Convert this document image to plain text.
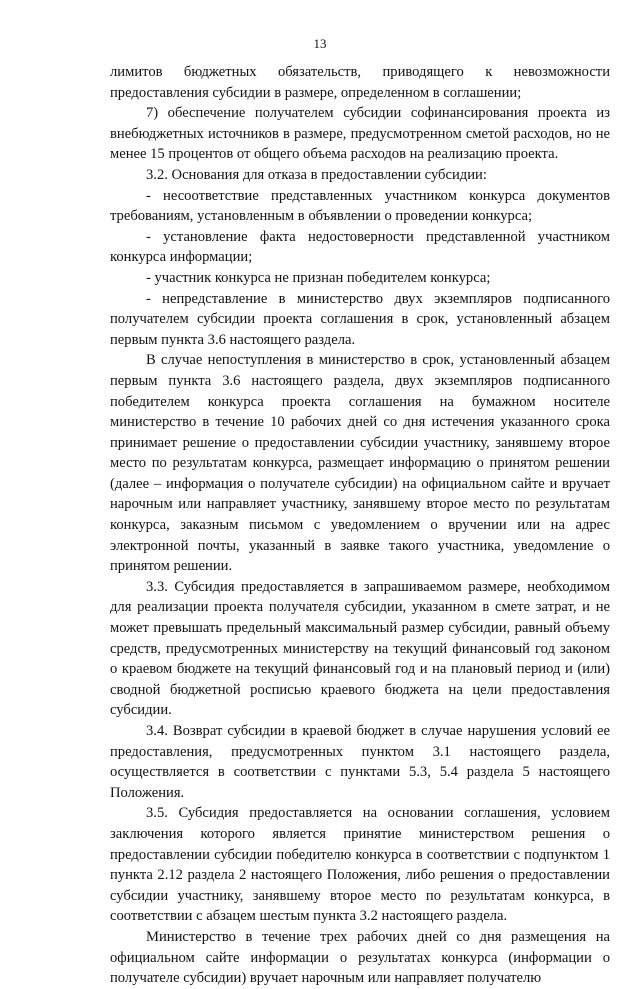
13

лимитов бюджетных обязательств, приводящего к невозможности предоставления субсидии в размере, определенном в соглашении;

7) обеспечение получателем субсидии софинансирования проекта из внебюджетных источников в размере, предусмотренном сметой расходов, но не менее 15 процентов от общего объема расходов на реализацию проекта.

3.2. Основания для отказа в предоставлении субсидии:

- несоответствие представленных участником конкурса документов требованиям, установленным в объявлении о проведении конкурса;

- установление факта недостоверности представленной участником конкурса информации;

- участник конкурса не признан победителем конкурса;

- непредставление в министерство двух экземпляров подписанного получателем субсидии проекта соглашения в срок, установленный абзацем первым пункта 3.6 настоящего раздела.

В случае непоступления в министерство в срок, установленный абзацем первым пункта 3.6 настоящего раздела, двух экземпляров подписанного победителем конкурса проекта соглашения на бумажном носителе министерство в течение 10 рабочих дней со дня истечения указанного срока принимает решение о предоставлении субсидии участнику, занявшему второе место по результатам конкурса, размещает информацию о принятом решении (далее – информация о получателе субсидии) на официальном сайте и вручает нарочным или направляет участнику, занявшему второе место по результатам конкурса, заказным письмом с уведомлением о вручении или на адрес электронной почты, указанный в заявке такого участника, уведомление о принятом решении.

3.3. Субсидия предоставляется в запрашиваемом размере, необходимом для реализации проекта получателя субсидии, указанном в смете затрат, и не может превышать предельный максимальный размер субсидии, равный объему средств, предусмотренных министерству на текущий финансовый год законом о краевом бюджете на текущий финансовый год и на плановый период и (или) сводной бюджетной росписью краевого бюджета на цели предоставления субсидии.

3.4. Возврат субсидии в краевой бюджет в случае нарушения условий ее предоставления, предусмотренных пунктом 3.1 настоящего раздела, осуществляется в соответствии с пунктами 5.3, 5.4 раздела 5 настоящего Положения.

3.5. Субсидия предоставляется на основании соглашения, условием заключения которого является принятие министерством решения о предоставлении субсидии победителю конкурса в соответствии с подпунктом 1 пункта 2.12 раздела 2 настоящего Положения, либо решения о предоставлении субсидии участнику, занявшему второе место по результатам конкурса, в соответствии с абзацем шестым пункта 3.2 настоящего раздела.

Министерство в течение трех рабочих дней со дня размещения на официальном сайте информации о результатах конкурса (информации о получателе субсидии) вручает нарочным или направляет получателю
